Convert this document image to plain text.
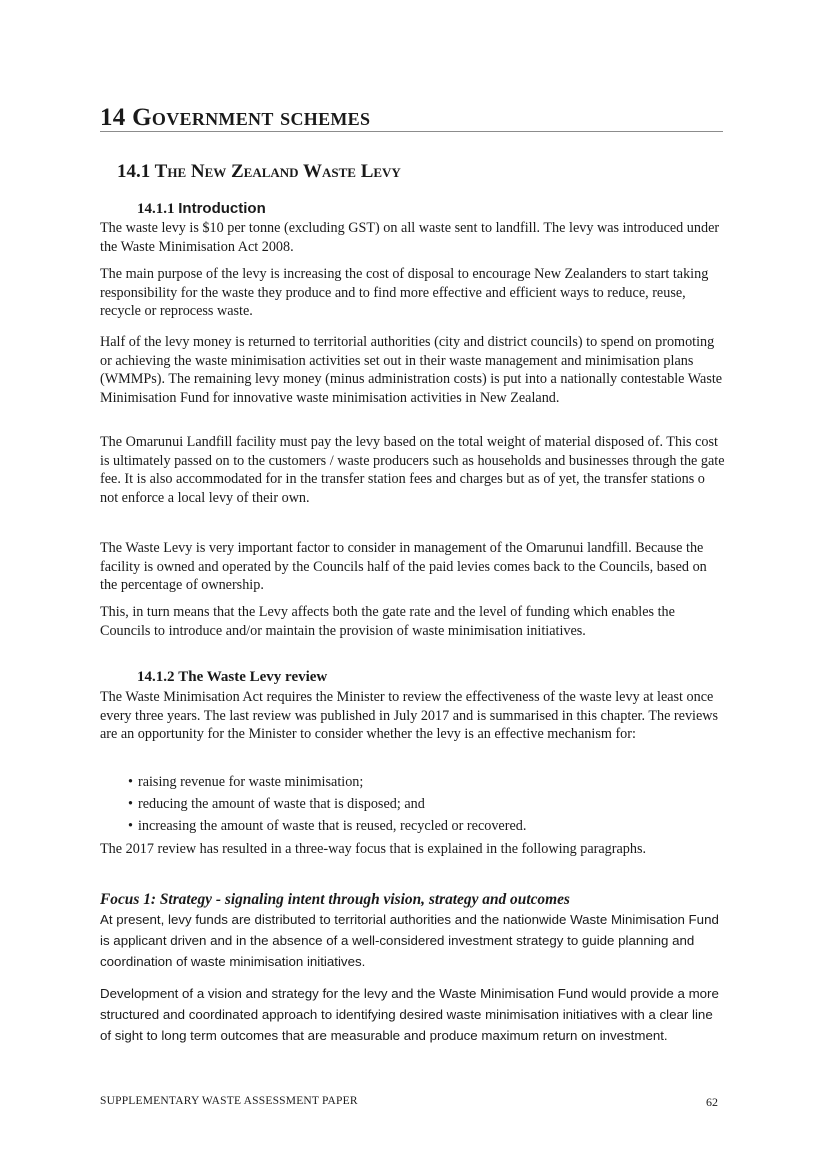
14 Government schemes
14.1 The New Zealand Waste Levy
14.1.1 Introduction

The waste levy is $10 per tonne (excluding GST) on all waste sent to landfill. The levy was introduced under the Waste Minimisation Act 2008.

The main purpose of the levy is increasing the cost of disposal to encourage New Zealanders to start taking responsibility for the waste they produce and to find more effective and efficient ways to reduce, reuse, recycle or reprocess waste.

Half of the levy money is returned to territorial authorities (city and district councils) to spend on promoting or achieving the waste minimisation activities set out in their waste management and minimisation plans (WMMPs). The remaining levy money (minus administration costs) is put into a nationally contestable Waste Minimisation Fund for innovative waste minimisation activities in New Zealand.

The Omarunui Landfill facility must pay the levy based on the total weight of material disposed of. This cost is ultimately passed on to the customers / waste producers such as households and businesses through the gate fee. It is also accommodated for in the transfer station fees and charges but as of yet, the transfer stations o not enforce a local levy of their own.

The Waste Levy is very important factor to consider in management of the Omarunui landfill. Because the facility is owned and operated by the Councils half of the paid levies comes back to the Councils, based on the percentage of ownership.

This, in turn means that the Levy affects both the gate rate and the level of funding which enables the Councils to introduce and/or maintain the provision of waste minimisation initiatives.

14.1.2 The Waste Levy review

The Waste Minimisation Act requires the Minister to review the effectiveness of the waste levy at least once every three years. The last review was published in July 2017 and is summarised in this chapter. The reviews are an opportunity for the Minister to consider whether the levy is an effective mechanism for:

• raising revenue for waste minimisation;
• reducing the amount of waste that is disposed; and
• increasing the amount of waste that is reused, recycled or recovered.

The 2017 review has resulted in a three-way focus that is explained in the following paragraphs.

Focus 1: Strategy - signaling intent through vision, strategy and outcomes

At present, levy funds are distributed to territorial authorities and the nationwide Waste Minimisation Fund is applicant driven and in the absence of a well-considered investment strategy to guide planning and coordination of waste minimisation initiatives.

Development of a vision and strategy for the levy and the Waste Minimisation Fund would provide a more structured and coordinated approach to identifying desired waste minimisation initiatives with a clear line of sight to long term outcomes that are measurable and produce maximum return on investment.

SUPPLEMENTARY WASTE ASSESSMENT PAPER	62
